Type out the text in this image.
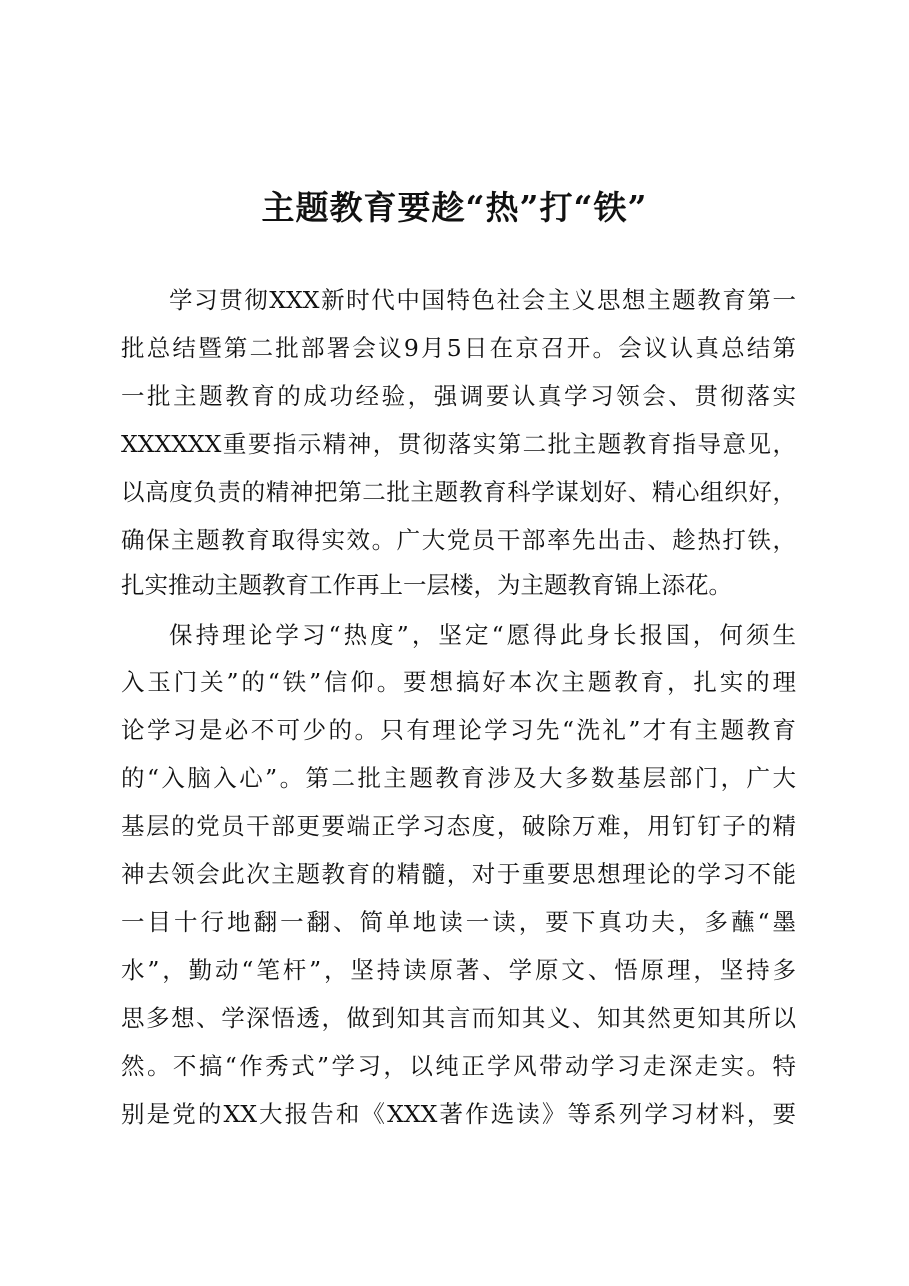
主题教育要趁“热”打“铁”
学习贯彻XXX新时代中国特色社会主义思想主题教育第一
批总结暨第二批部署会议9月5日在京召开。会议认真总结第
一批主题教育的成功经验，强调要认真学习领会、贯彻落实
XXXXXX重要指示精神，贯彻落实第二批主题教育指导意见，
以高度负责的精神把第二批主题教育科学谋划好、精心组织好，
确保主题教育取得实效。广大党员干部率先出击、趁热打铁，
扎实推动主题教育工作再上一层楼，为主题教育锦上添花。
保持理论学习“热度”，坚定“愿得此身长报国，何须生
入玉门关”的“铁”信仰。要想搞好本次主题教育，扎实的理
论学习是必不可少的。只有理论学习先“洗礼”才有主题教育
的“入脑入心”。第二批主题教育涉及大多数基层部门，广大
基层的党员干部更要端正学习态度，破除万难，用钉钉子的精
神去领会此次主题教育的精髓，对于重要思想理论的学习不能
一目十行地翻一翻、简单地读一读，要下真功夫，多蘸“墨
水”，勤动“笔杆”，坚持读原著、学原文、悟原理，坚持多
思多想、学深悟透，做到知其言而知其义、知其然更知其所以
然。不搞“作秀式”学习，以纯正学风带动学习走深走实。特
别是党的XX大报告和《XXX著作选读》等系列学习材料，要
